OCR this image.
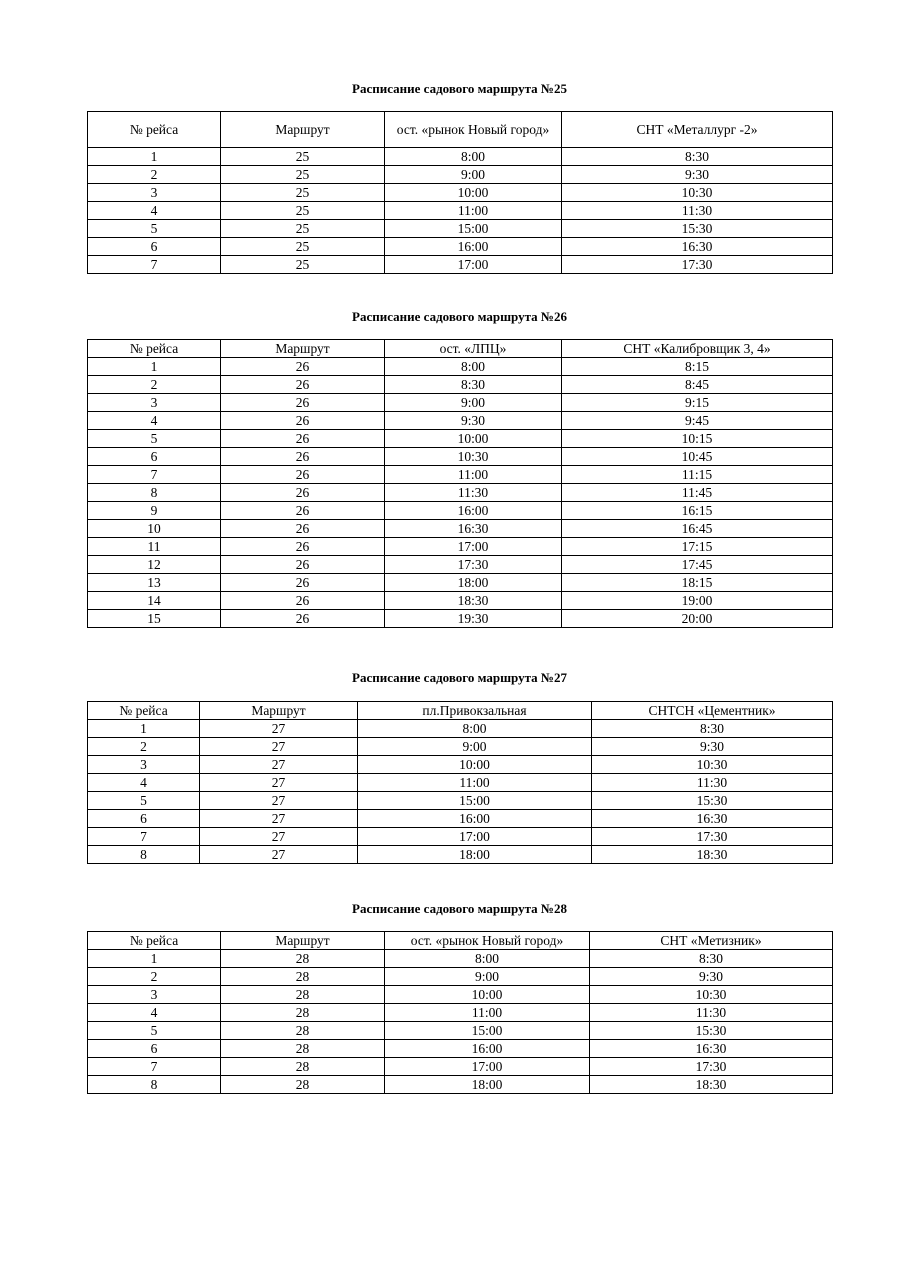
Расписание садового маршрута №25
№ рейса	Маршрут	ост. «рынок Новый город»	СНТ «Металлург -2»
1	25	8:00	8:30
2	25	9:00	9:30
3	25	10:00	10:30
4	25	11:00	11:30
5	25	15:00	15:30
6	25	16:00	16:30
7	25	17:00	17:30
Расписание садового маршрута №26
№ рейса	Маршрут	ост. «ЛПЦ»	СНТ «Калибровщик 3, 4»
1	26	8:00	8:15
2	26	8:30	8:45
3	26	9:00	9:15
4	26	9:30	9:45
5	26	10:00	10:15
6	26	10:30	10:45
7	26	11:00	11:15
8	26	11:30	11:45
9	26	16:00	16:15
10	26	16:30	16:45
11	26	17:00	17:15
12	26	17:30	17:45
13	26	18:00	18:15
14	26	18:30	19:00
15	26	19:30	20:00
Расписание садового маршрута №27
№ рейса	Маршрут	пл.Привокзальная	СНТСН «Цементник»
1	27	8:00	8:30
2	27	9:00	9:30
3	27	10:00	10:30
4	27	11:00	11:30
5	27	15:00	15:30
6	27	16:00	16:30
7	27	17:00	17:30
8	27	18:00	18:30
Расписание садового маршрута №28
№ рейса	Маршрут	ост. «рынок Новый город»	СНТ «Метизник»
1	28	8:00	8:30
2	28	9:00	9:30
3	28	10:00	10:30
4	28	11:00	11:30
5	28	15:00	15:30
6	28	16:00	16:30
7	28	17:00	17:30
8	28	18:00	18:30
